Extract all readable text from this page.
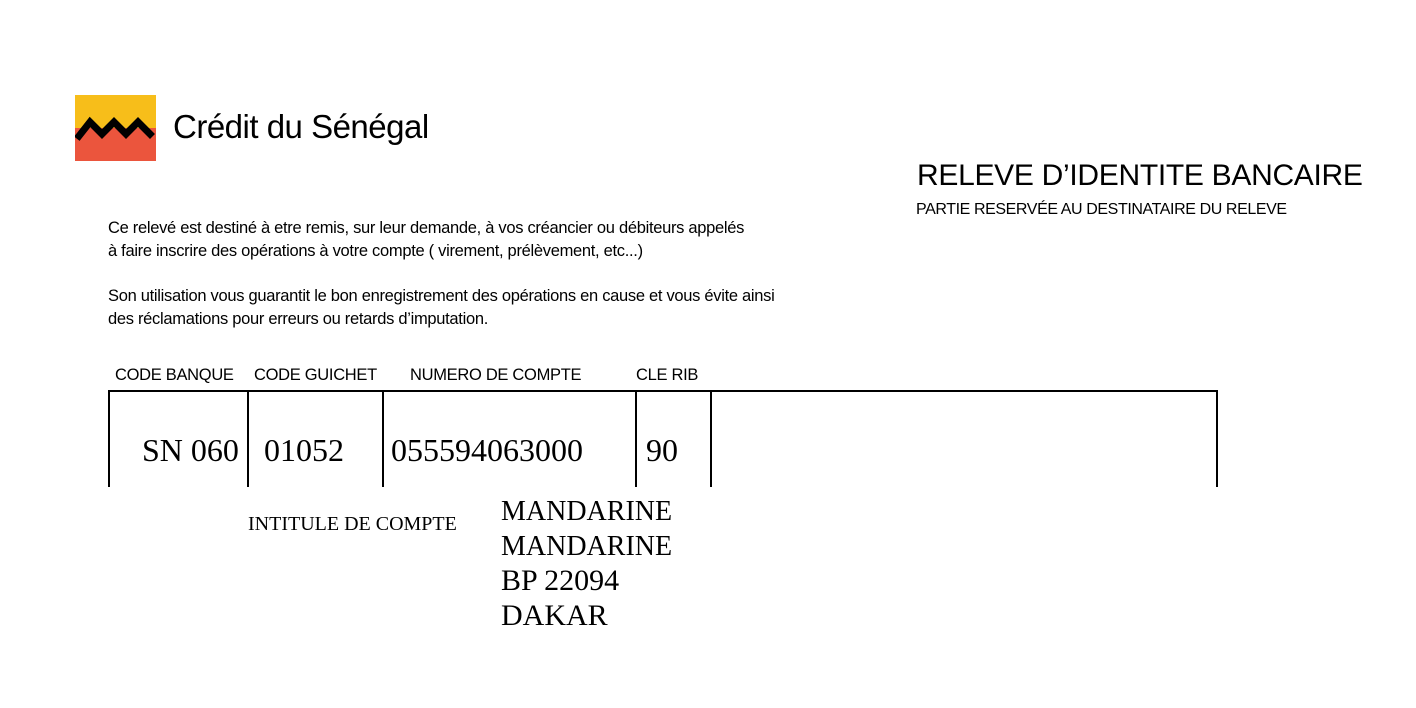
Crédit du Sénégal
RELEVE D’IDENTITE BANCAIRE
PARTIE RESERVÉE AU DESTINATAIRE DU RELEVE
Ce relevé est destiné à etre remis, sur leur demande, à vos créancier ou débiteurs appelés
à faire inscrire des opérations à votre compte ( virement, prélèvement, etc...)
Son utilisation vous guarantit le bon enregistrement des opérations en cause et vous évite ainsi
des réclamations pour erreurs ou retards d’imputation.
CODE BANQUE CODE GUICHET NUMERO DE COMPTE	CLE RIB
SN 060 01052 055594063000 90
INTITULE DE COMPTE MANDARINE
MANDARINE
BP 22094
DAKAR
